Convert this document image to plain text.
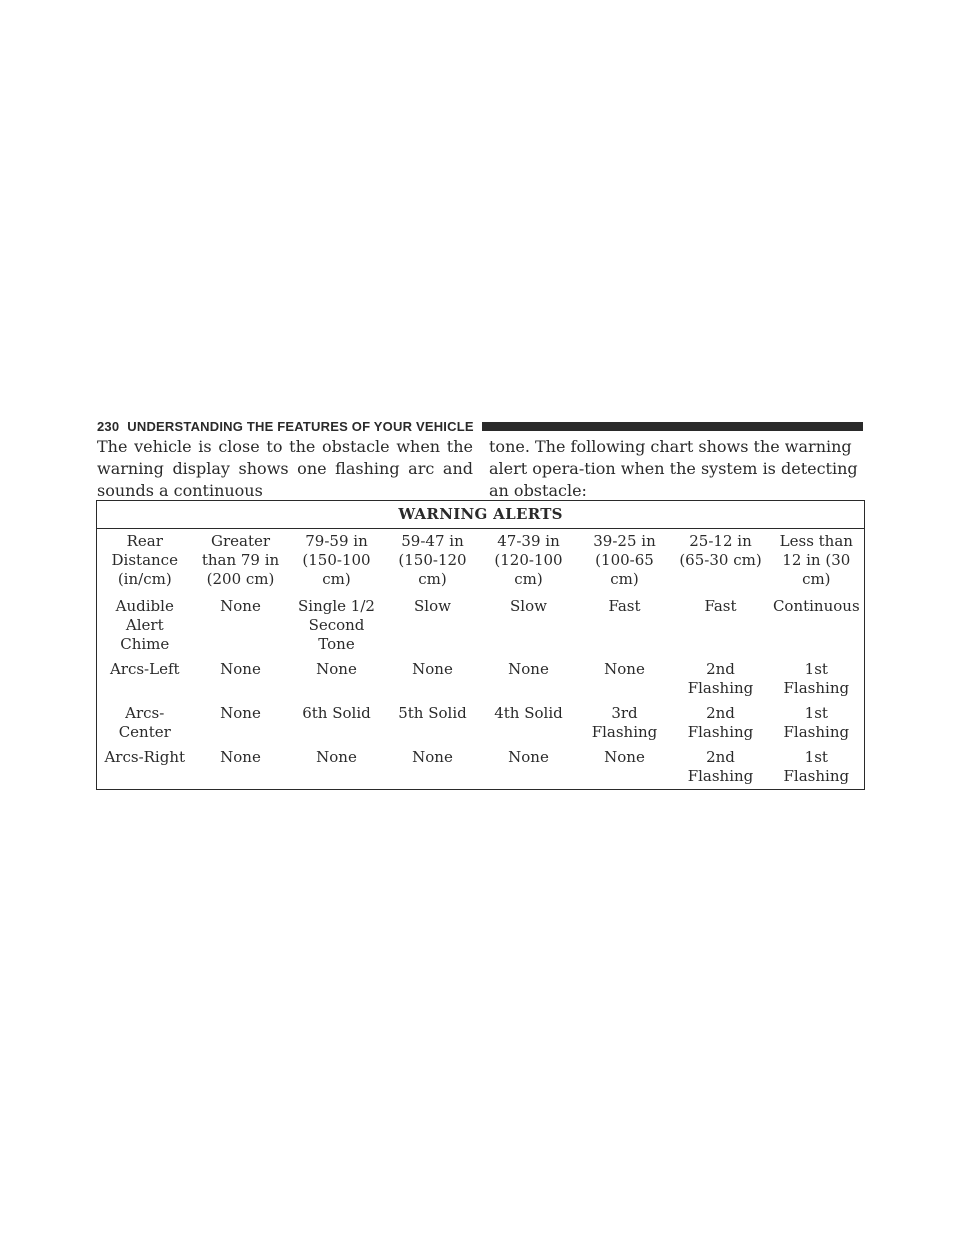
230 UNDERSTANDING THE FEATURES OF YOUR VEHICLE

The vehicle is close to the obstacle when the warning display shows one flashing arc and sounds a continuous

tone. The following chart shows the warning alert opera-tion when the system is detecting an obstacle:

WARNING ALERTS							
Rear Distance (in/cm)	Greater than 79 in (200 cm)	79-59 in (150-100 cm)	59-47 in (150-120 cm)	47-39 in (120-100 cm)	39-25 in (100-65 cm)	25-12 in (65-30 cm)	Less than 12 in (30 cm)
Audible Alert Chime	None	Single 1/2 Second Tone	Slow	Slow	Fast	Fast	Continuous
Arcs-Left	None	None	None	None	None	2nd Flashing	1st Flashing
Arcs-Center	None	6th Solid	5th Solid	4th Solid	3rd Flashing	2nd Flashing	1st Flashing
Arcs-Right	None	None	None	None	None	2nd Flashing	1st Flashing
